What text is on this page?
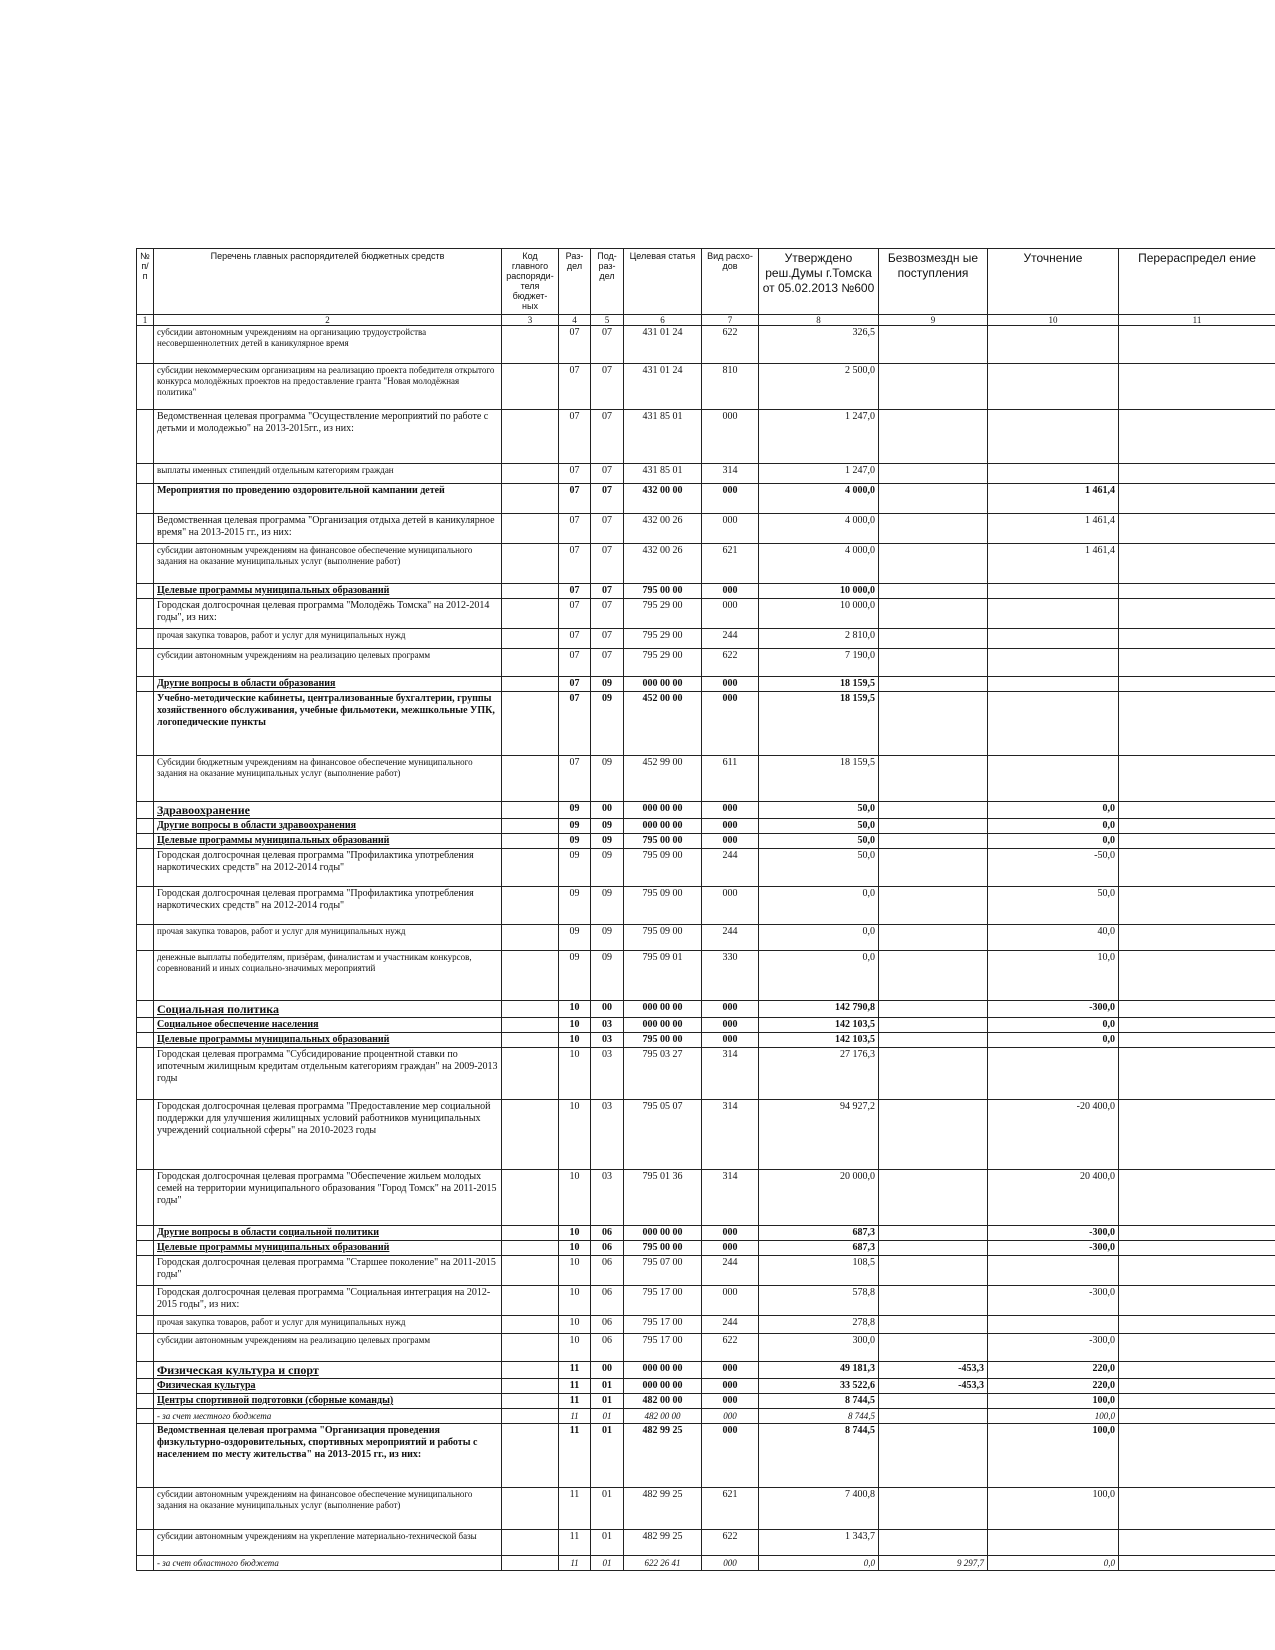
№ п/п	Перечень главных распорядителей бюджетных средств	Код главного распоряди- теля бюджет- ных	Раз- дел	Под- раз- дел	Целевая статья	Вид расхо- дов	Утверждено реш.Думы г.Томска от 05.02.2013 №600	Безвозмездн ые поступления	Уточнение	Перераспредел ение
1	2	3	4	5	6	7	8	9	10	11
	субсидии автономным учреждениям на организацию трудоустройства несовершеннолетних детей в каникулярное время		07	07	431 01 24	622	326,5			
	субсидии некоммерческим организациям на реализацию проекта победителя открытого конкурса молодёжных проектов на предоставление гранта "Новая молодёжная политика"		07	07	431 01 24	810	2 500,0			
	Ведомственная целевая программа "Осуществление мероприятий по работе с детьми и молодежью" на 2013-2015гг., из них:		07	07	431 85 01	000	1 247,0			
	выплаты именных стипендий отдельным категориям граждан		07	07	431 85 01	314	1 247,0			
	Мероприятия по проведению оздоровительной кампании детей		07	07	432 00 00	000	4 000,0		1 461,4	
	Ведомственная целевая программа "Организация отдыха детей в каникулярное время" на 2013-2015 гг., из них:		07	07	432 00 26	000	4 000,0		1 461,4	
	субсидии автономным учреждениям на финансовое обеспечение муниципального задания на оказание муниципальных услуг (выполнение работ)		07	07	432 00 26	621	4 000,0		1 461,4	
	Целевые программы муниципальных образований		07	07	795 00 00	000	10 000,0			
	Городская долгосрочная целевая программа "Молодёжь Томска" на 2012-2014 годы", из них:		07	07	795 29 00	000	10 000,0			
	прочая закупка товаров, работ и услуг для муниципальных нужд		07	07	795 29 00	244	2 810,0			
	субсидии автономным учреждениям на реализацию целевых программ		07	07	795 29 00	622	7 190,0			
	Другие вопросы в области образования		07	09	000 00 00	000	18 159,5			
	Учебно-методические кабинеты, централизованные бухгалтерии, группы хозяйственного обслуживания, учебные фильмотеки, межшкольные УПК, логопедические пункты		07	09	452 00 00	000	18 159,5			
	Субсидии бюджетным учреждениям на финансовое обеспечение муниципального задания на оказание муниципальных услуг (выполнение работ)		07	09	452 99 00	611	18 159,5			
	Здравоохранение		09	00	000 00 00	000	50,0		0,0	
	Другие вопросы в области здравоохранения		09	09	000 00 00	000	50,0		0,0	
	Целевые программы муниципальных образований		09	09	795 00 00	000	50,0		0,0	
	Городская долгосрочная целевая программа "Профилактика употребления наркотических средств" на 2012-2014 годы"		09	09	795 09 00	244	50,0		-50,0	
	Городская долгосрочная целевая программа "Профилактика употребления наркотических средств" на 2012-2014 годы"		09	09	795 09 00	000	0,0		50,0	
	прочая закупка товаров, работ и услуг для муниципальных нужд		09	09	795 09 00	244	0,0		40,0	
	денежные выплаты победителям, призёрам, финалистам и участникам конкурсов, соревнований и иных социально-значимых мероприятий		09	09	795 09 01	330	0,0		10,0	
	Социальная политика		10	00	000 00 00	000	142 790,8		-300,0	
	Социальное обеспечение населения		10	03	000 00 00	000	142 103,5		0,0	
	Целевые программы муниципальных образований		10	03	795 00 00	000	142 103,5		0,0	
	Городская целевая программа "Субсидирование процентной ставки по ипотечным жилищным кредитам отдельным категориям граждан" на 2009-2013 годы		10	03	795 03 27	314	27 176,3			
	Городская долгосрочная целевая программа "Предоставление мер социальной поддержки для улучшения жилищных условий работников муниципальных учреждений социальной сферы" на 2010-2023 годы		10	03	795 05 07	314	94 927,2		-20 400,0	
	Городская долгосрочная целевая программа "Обеспечение жильем молодых семей на территории муниципального образования "Город Томск" на 2011-2015 годы"		10	03	795 01 36	314	20 000,0		20 400,0	
	Другие вопросы в области социальной политики		10	06	000 00 00	000	687,3		-300,0	
	Целевые программы муниципальных образований		10	06	795 00 00	000	687,3		-300,0	
	Городская долгосрочная целевая программа "Старшее поколение" на 2011-2015 годы"		10	06	795 07 00	244	108,5			
	Городская долгосрочная целевая программа "Социальная интеграция на 2012-2015 годы", из них:		10	06	795 17 00	000	578,8		-300,0	
	прочая закупка товаров, работ и услуг для муниципальных нужд		10	06	795 17 00	244	278,8			
	субсидии автономным учреждениям на реализацию целевых программ		10	06	795 17 00	622	300,0		-300,0	
	Физическая культура и спорт		11	00	000 00 00	000	49 181,3	-453,3	220,0	
	Физическая культура		11	01	000 00 00	000	33 522,6	-453,3	220,0	
	Центры спортивной подготовки (сборные команды)		11	01	482 00 00	000	8 744,5		100,0	
	- за счет местного бюджета		11	01	482 00 00	000	8 744,5		100,0	
	Ведомственная целевая программа "Организация проведения физкультурно-оздоровительных, спортивных мероприятий и работы с населением по месту жительства" на 2013-2015 гг., из них:		11	01	482 99 25	000	8 744,5		100,0	
	субсидии автономным учреждениям на финансовое обеспечение муниципального задания на оказание муниципальных услуг (выполнение работ)		11	01	482 99 25	621	7 400,8		100,0	
	субсидии автономным учреждениям на укрепление материально-технической базы		11	01	482 99 25	622	1 343,7			
	- за счет областного бюджета		11	01	622 26 41	000	0,0	9 297,7	0,0	
